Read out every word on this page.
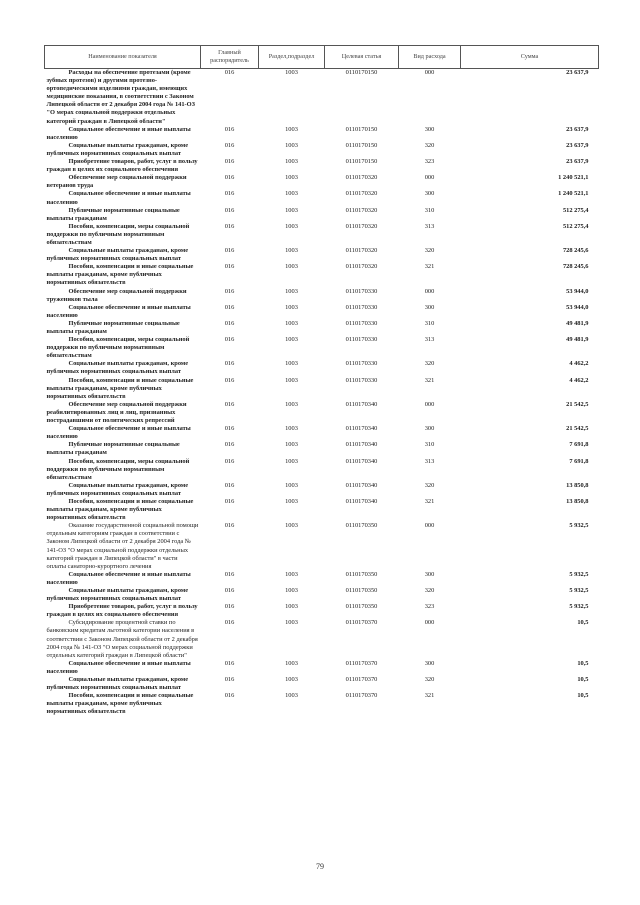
Наименование показателя	Главный распорядитель	Раздел,подраздел	Целевая статья	Вид расхода	Сумма

Расходы на обеспечение протезами (кроме зубных протезов) и другими протезно-ортопедическими изделиями граждан, имеющих медицинские показания, в соответствии с Законом Липецкой области от 2 декабря 2004 года № 141-ОЗ "О мерах социальной поддержки отдельных категорий граждан в Липецкой области"	016	1003	0110170150	000	23 637,9

Социальное обеспечение и иные выплаты населению	016	1003	0110170150	300	23 637,9

Социальные выплаты гражданам, кроме публичных нормативных социальных выплат	016	1003	0110170150	320	23 637,9

Приобретение товаров, работ, услуг в пользу граждан в целях их социального обеспечения	016	1003	0110170150	323	23 637,9

Обеспечение мер социальной поддержки ветеранов труда	016	1003	0110170320	000	1 240 521,1

Социальное обеспечение и иные выплаты населению	016	1003	0110170320	300	1 240 521,1

Публичные нормативные социальные выплаты гражданам	016	1003	0110170320	310	512 275,4

Пособия, компенсации, меры социальной поддержки по публичным нормативным обязательствам	016	1003	0110170320	313	512 275,4

Социальные выплаты гражданам, кроме публичных нормативных социальных выплат	016	1003	0110170320	320	728 245,6

Пособия, компенсации и иные социальные выплаты гражданам, кроме публичных нормативных обязательств	016	1003	0110170320	321	728 245,6

Обеспечение мер социальной поддержки тружеников тыла	016	1003	0110170330	000	53 944,0

Социальное обеспечение и иные выплаты населению	016	1003	0110170330	300	53 944,0

Публичные нормативные социальные выплаты гражданам	016	1003	0110170330	310	49 481,9

Пособия, компенсации, меры социальной поддержки по публичным нормативным обязательствам	016	1003	0110170330	313	49 481,9

Социальные выплаты гражданам, кроме публичных нормативных социальных выплат	016	1003	0110170330	320	4 462,2

Пособия, компенсации и иные социальные выплаты гражданам, кроме публичных нормативных обязательств	016	1003	0110170330	321	4 462,2

Обеспечение мер социальной поддержки реабилитированных лиц и лиц, признанных пострадавшими от политических репрессий	016	1003	0110170340	000	21 542,5

Социальное обеспечение и иные выплаты населению	016	1003	0110170340	300	21 542,5

Публичные нормативные социальные выплаты гражданам	016	1003	0110170340	310	7 691,8

Пособия, компенсации, меры социальной поддержки по публичным нормативным обязательствам	016	1003	0110170340	313	7 691,8

Социальные выплаты гражданам, кроме публичных нормативных социальных выплат	016	1003	0110170340	320	13 850,8

Пособия, компенсации и иные социальные выплаты гражданам, кроме публичных нормативных обязательств	016	1003	0110170340	321	13 850,8

Оказание государственной социальной помощи отдельным категориям граждан в соответствии с Законом Липецкой области от 2 декабря 2004 года № 141-ОЗ "О мерах социальной поддержки отдельных категорий граждан в Липецкой области" в части оплаты санаторно-курортного лечения	016	1003	0110170350	000	5 932,5

Социальное обеспечение и иные выплаты населению	016	1003	0110170350	300	5 932,5

Социальные выплаты гражданам, кроме публичных нормативных социальных выплат	016	1003	0110170350	320	5 932,5

Приобретение товаров, работ, услуг в пользу граждан в целях их социального обеспечения	016	1003	0110170350	323	5 932,5

Субсидирование процентной ставки по банковским кредитам льготной категории населения в соответствии с Законом Липецкой области от 2 декабря 2004 года № 141-ОЗ "О мерах социальной поддержки отдельных категорий граждан в Липецкой области"	016	1003	0110170370	000	10,5

Социальное обеспечение и иные выплаты населению	016	1003	0110170370	300	10,5

Социальные выплаты гражданам, кроме публичных нормативных социальных выплат	016	1003	0110170370	320	10,5

Пособия, компенсации и иные социальные выплаты гражданам, кроме публичных нормативных обязательств	016	1003	0110170370	321	10,5
79
